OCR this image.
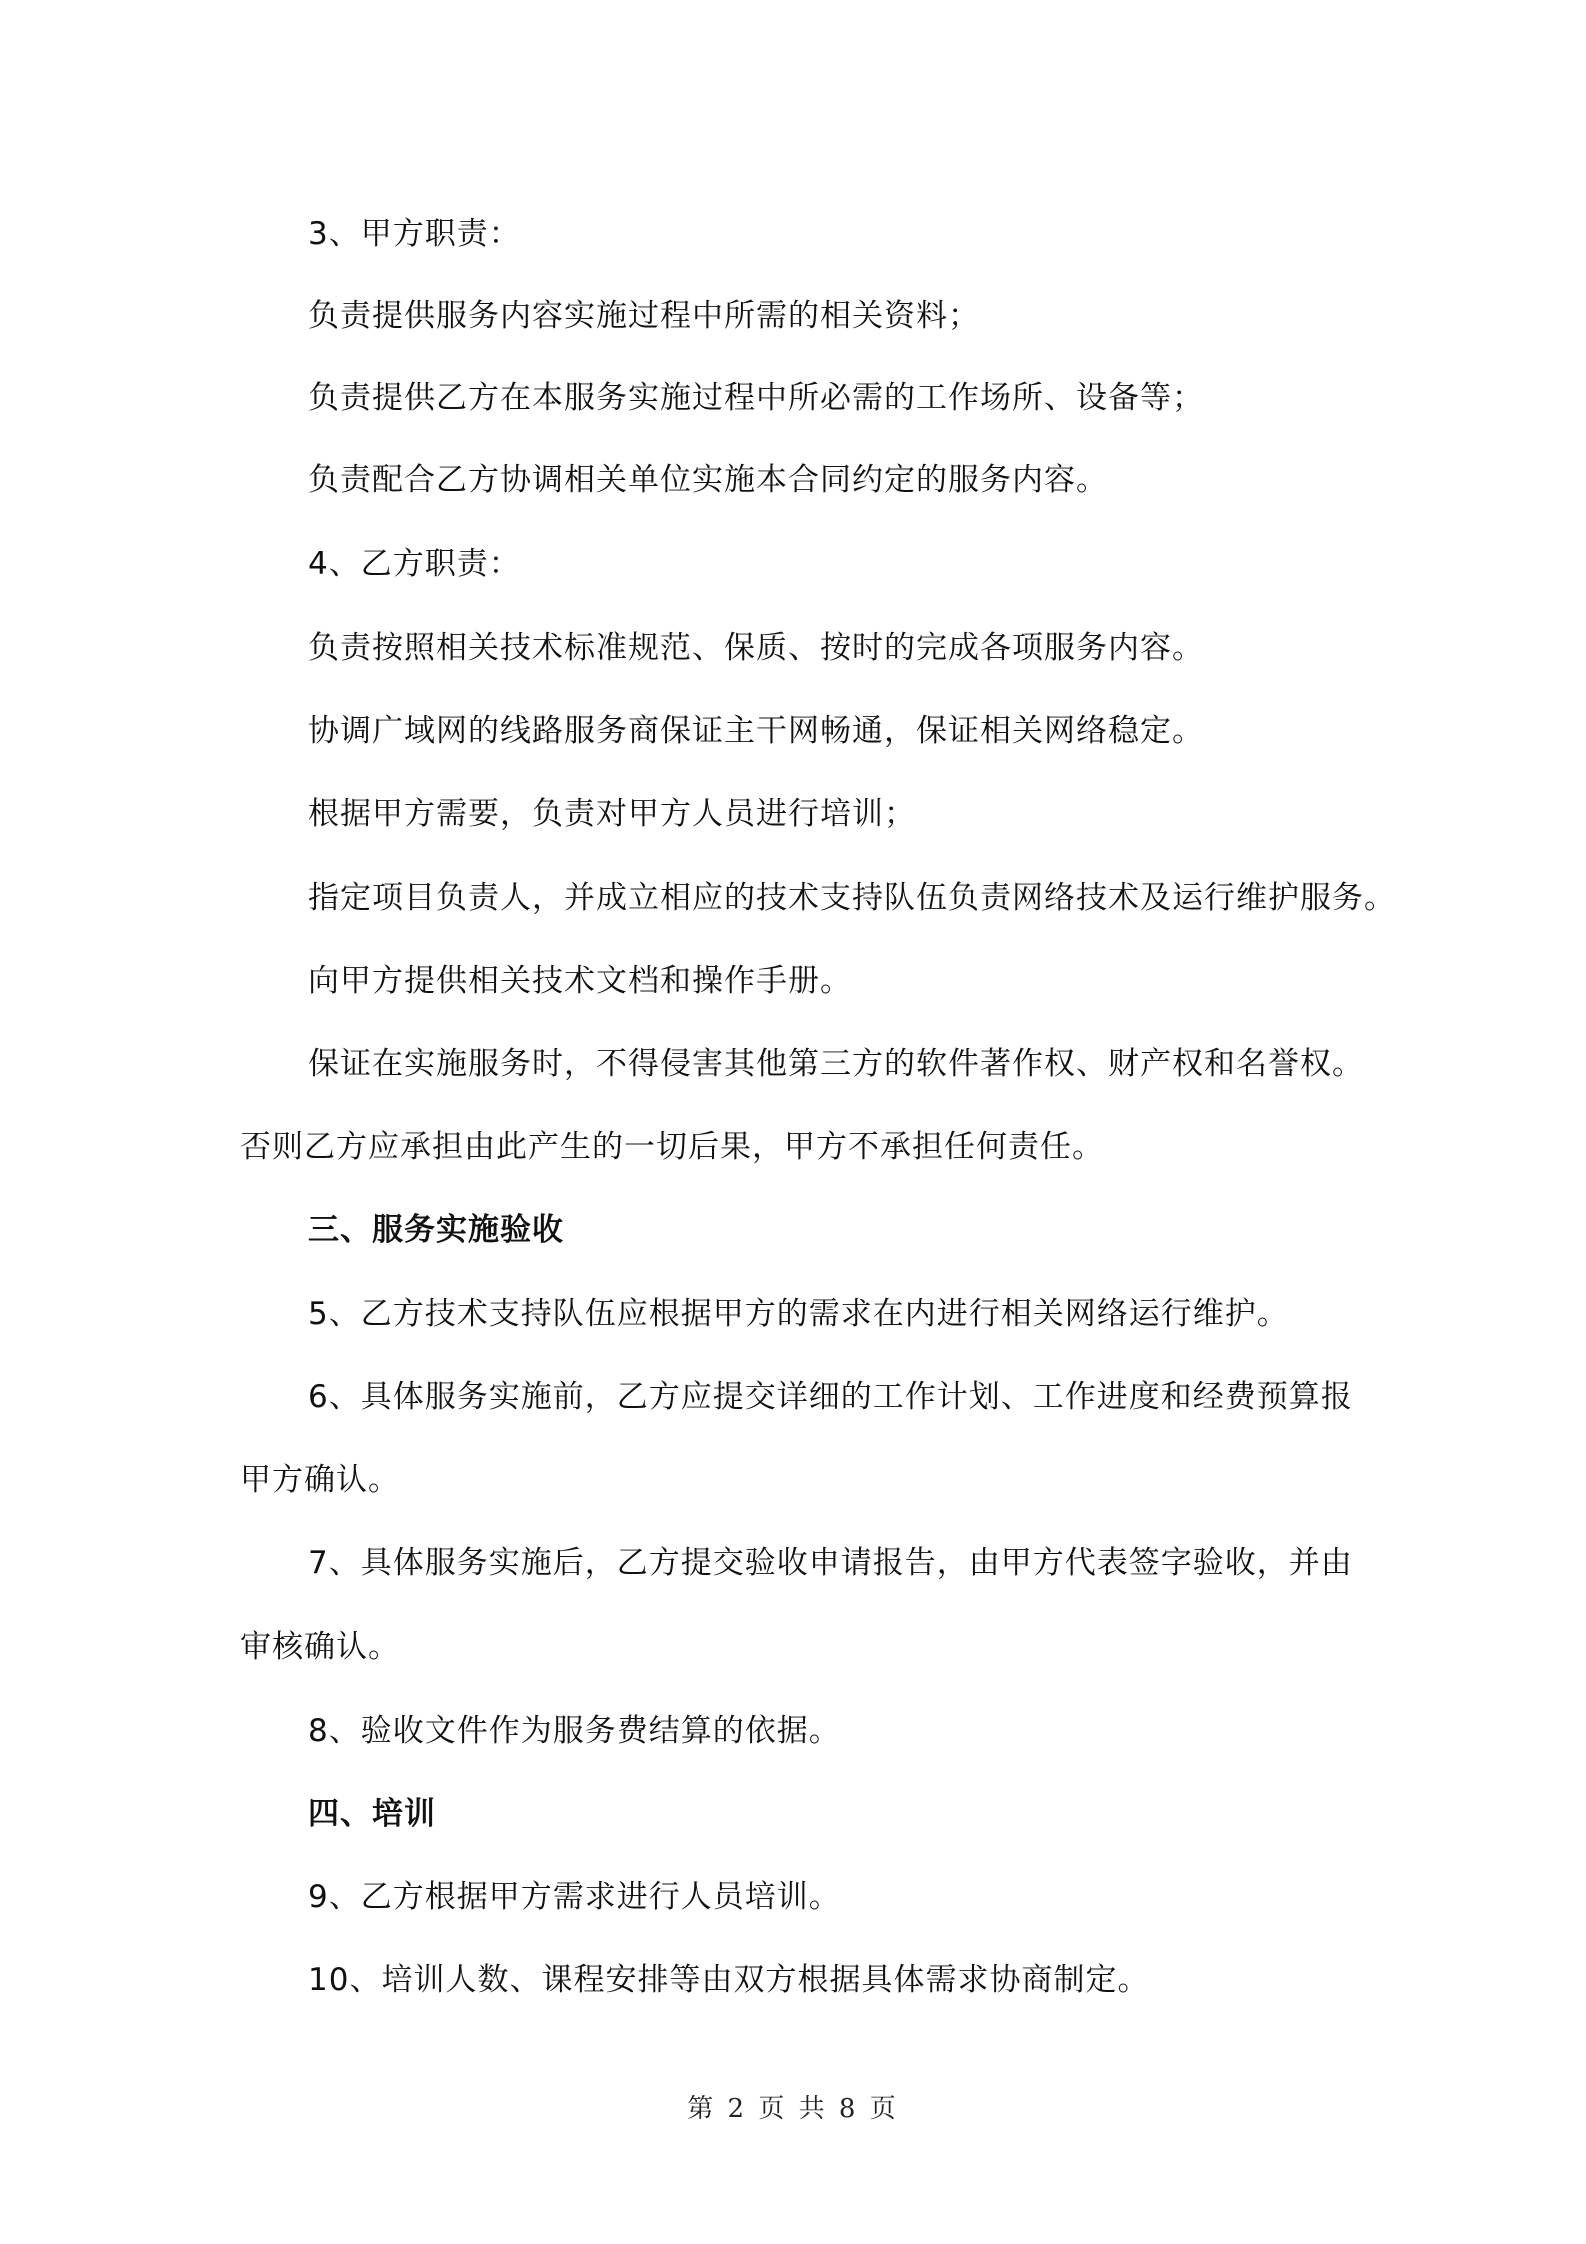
3、甲方职责：
负责提供服务内容实施过程中所需的相关资料；
负责提供乙方在本服务实施过程中所必需的工作场所、设备等；
负责配合乙方协调相关单位实施本合同约定的服务内容。
4、乙方职责：
负责按照相关技术标准规范、保质、按时的完成各项服务内容。
协调广域网的线路服务商保证主干网畅通，保证相关网络稳定。
根据甲方需要，负责对甲方人员进行培训；
指定项目负责人，并成立相应的技术支持队伍负责网络技术及运行维护服务。
向甲方提供相关技术文档和操作手册。
保证在实施服务时，不得侵害其他第三方的软件著作权、财产权和名誉权。
否则乙方应承担由此产生的一切后果，甲方不承担任何责任。
三、服务实施验收
5、乙方技术支持队伍应根据甲方的需求在内进行相关网络运行维护。
6、具体服务实施前，乙方应提交详细的工作计划、工作进度和经费预算报
甲方确认。
7、具体服务实施后，乙方提交验收申请报告，由甲方代表签字验收，并由
审核确认。
8、验收文件作为服务费结算的依据。
四、培训
9、乙方根据甲方需求进行人员培训。
10、培训人数、课程安排等由双方根据具体需求协商制定。
第 2 页 共 8 页
